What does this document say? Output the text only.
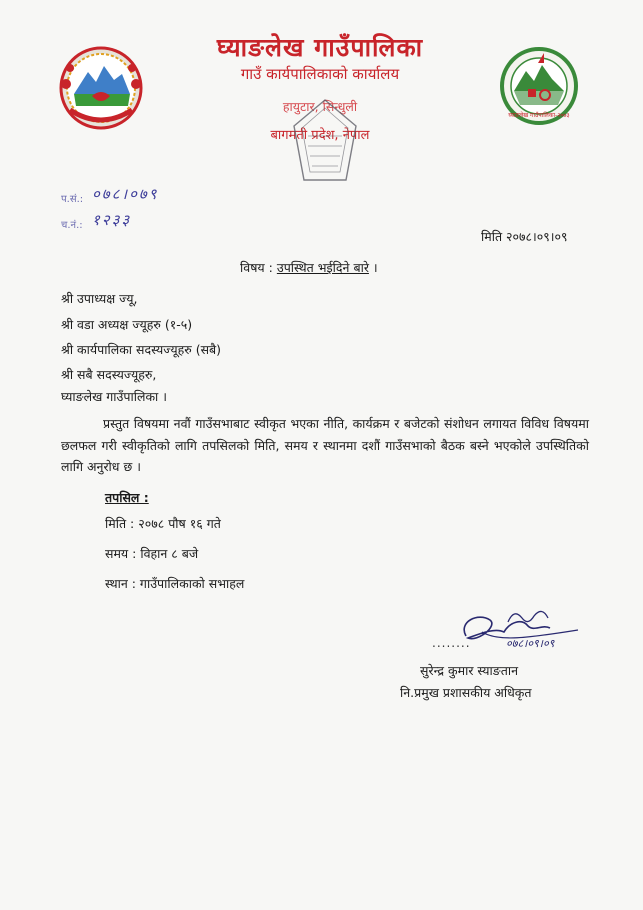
घ्याङलेख गाउँपालिका-२०७३
घ्याङलेख गाउँपालिका
गाउँ कार्यपालिकाको कार्यालय
हायुटार, सिन्धुली
बागमती प्रदेश, नेपाल
प.सं.: ०७८।०७९
च.नं.: १२३३
मिति २०७८।०९।०९
विषय : उपस्थित भईदिने बारे ।
श्री उपाध्यक्ष ज्यू,
श्री वडा अध्यक्ष ज्यूहरु (१-५)
श्री कार्यपालिका सदस्यज्यूहरु (सबै)
श्री सबै सदस्यज्यूहरु,
घ्याङलेख गाउँपालिका ।
प्रस्तुत विषयमा नवौं गाउँसभाबाट स्वीकृत भएका नीति, कार्यक्रम र बजेटको संशोधन लगायत विविध विषयमा छलफल गरी स्वीकृतिको लागि तपसिलको मिति, समय र स्थानमा दशौं गाउँसभाको बैठक बस्ने भएकोले उपस्थितिको लागि अनुरोध छ ।
तपसिल :
मिति : २०७८ पौष १६ गते
समय : विहान ८ बजे
स्थान : गाउँपालिकाको सभाहल
........	०७८।०९।०९
सुरेन्द्र कुमार स्याङतान
नि.प्रमुख प्रशासकीय अधिकृत
